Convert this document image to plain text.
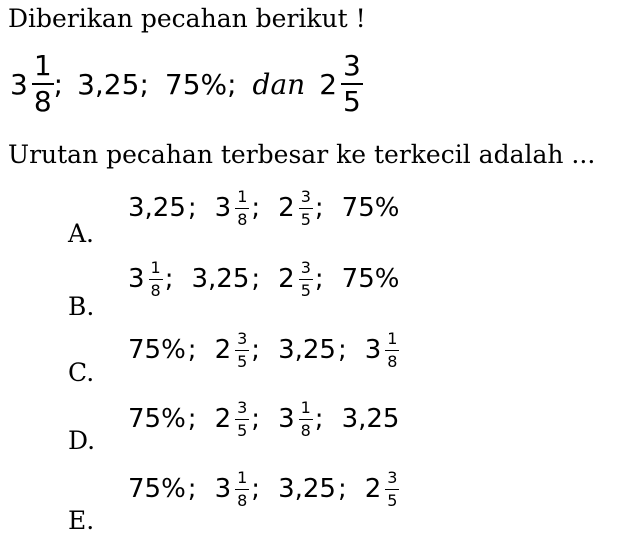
Diberikan pecahan berikut !
$3 \frac{1}{8}$ ; 3,25; 75%; dan $2 \frac{3}{5}$
Urutan pecahan terbesar ke terkecil adalah ...
A.
3,25 ; $3 \frac{1}{8}$ ; $2 \frac{3}{5}$ ; 75%
B.
$3 \frac{1}{8}$ ; 3,25 ; $2 \frac{3}{5}$ ; 75%
C.
75% ; $2 \frac{3}{5}$ ; 3,25 ; $3 \frac{1}{8}$
D.
75% ; $2 \frac{3}{5}$ ; $3 \frac{1}{8}$ ; 3,25
E.
75% ; $3 \frac{1}{8}$ ; 3,25 ; $2 \frac{3}{5}$
